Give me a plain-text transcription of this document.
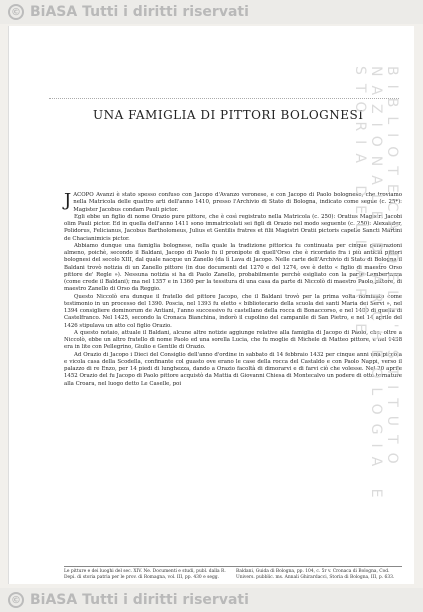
© BiASA Tutti i diritti riservati
UNA FAMIGLIA DI PITTORI BOLOGNESI

JACOPO Avanzi è stato spesso confuso con Jacopo d'Avanzo veronese, e con Jacopo di Paolo bolognese, che troviamo nella Matricola delle quattro arti dell'anno 1410, presso l'Archivio di Stato di Bologna, indicato come segue (c. 25*): Magister Jacobus condam Pauli pictor.

Egli ebbe un figlio di nome Orazio pure pittore, che è così registrato nella Matricola (c. 250): Oratius Magistri Jacobi olim Pauli pictor. Ed in quella dell'anno 1411 sono immatricolati sei figli di Orazio nel modo seguente (c. 250): Alexander, Polidorus, Felicianus, Jacobus Bartholomeus, Julius et Gentilis fratres et filii Magistri Oratii pictoris capelle Sancti Martini de Chacianimicis pictor.

Abbiamo dunque una famiglia bolognese, nella quale la tradizione pittorica fu continuata per cinque generazioni almeno, poichè, secondo il Baldani, Jacopo di Paolo fu il pronipote di quell'Orso che è ricordato fra i più antichi pittori bolognesi del secolo XIII, dal quale nacque un Zanello (da lì Lava di Jacopo. Nelle carte dell'Archivio di Stato di Bologna il Baldani trovò notizia di un Zanello pittore (in due documenti del 1270 e del 1274, ove è detto « figlio di maestro Orso pittore de' Regle »). Nessuna notizia si ha di Paolo Zanello, probabilmente perchè esigliato con la parte Lambertazza (come crede il Baldani); ma nel 1357 e in 1360 per la tessitura di una casa da parte di Niccolò di maestro Paolo pittore, di maestro Zanello di Orso da Reggio.

Questo Niccolò era dunque il fratello del pittore Jacopo, che il Baldani trovò per la prima volta nominato come testimonio in un processo del 1390. Poscia, nel 1393 fu eletto « bibliotecario della scuola dei santi Maria dei Servi », nel 1394 consigliere dominorum de Antiani, l'anno successivo fu castellano della rocca di Bonaccorso, e nel 1400 di quella di Castelfranco. Nel 1425, secondo la Cronaca Bianchina, indorò il cupolino del campanile di San Pietro, e nel 14 aprile del 1426 stipulava un atto col figlio Orazio.

A questo notaio, attuale il Baldani, alcune altre notizie aggiunge relative alla famiglia di Jacopo di Paolo, che, oltre a Niccolò, ebbe un altro fratello di nome Paolo ed una sorella Lucia, che fu moglie di Michele di Matteo pittore, e nel 1438 era in lite con Pellegrino, Giulio e Gentile di Orazio.

Ad Orazio di Jacopo i Dieci del Consiglio dell'anno d'ordine in sabbato di 14 febbraio 1432 per cinque anni una piccola e vicola casa della Scodella, confinante col guasto ove erano le case della rocca del Castaldo e con Paolo Nappi, verso il palazzo di re Enzo, per 14 piedi di lunghezza, dando a Orazio facoltà di dimorarvi e di farvi ciò che volesse. Nel 20 aprile 1452 Orazio del fu Jacopo di Paolo pittore acquistò da Mattia di Giovanni Chiesa di Montecalvo un podere di otto tornature alla Croara, nel luogo detto Le Caselle, poi

Le pitture e dei luoghi del sec. XIV. Ne. Documenti e studi, publ. dalla R. Depi. di storia patria per le prov. di Romagna, vol. III, pp. 430 e segg.
Baldani, Guida di Bologna, pp. 104, c. 5r v. Cronaca di Bologna, Cod. Univers. pubblic. ms. Annali Ghirardacci, Storia di Bologna, III, p. 633.
BIBLIOTECA DELL'ISTITUTO NAZIONALE D'ARCHEOLOGIA E STORIA DELL'ARTE
© BiASA Tutti i diritti riservati
